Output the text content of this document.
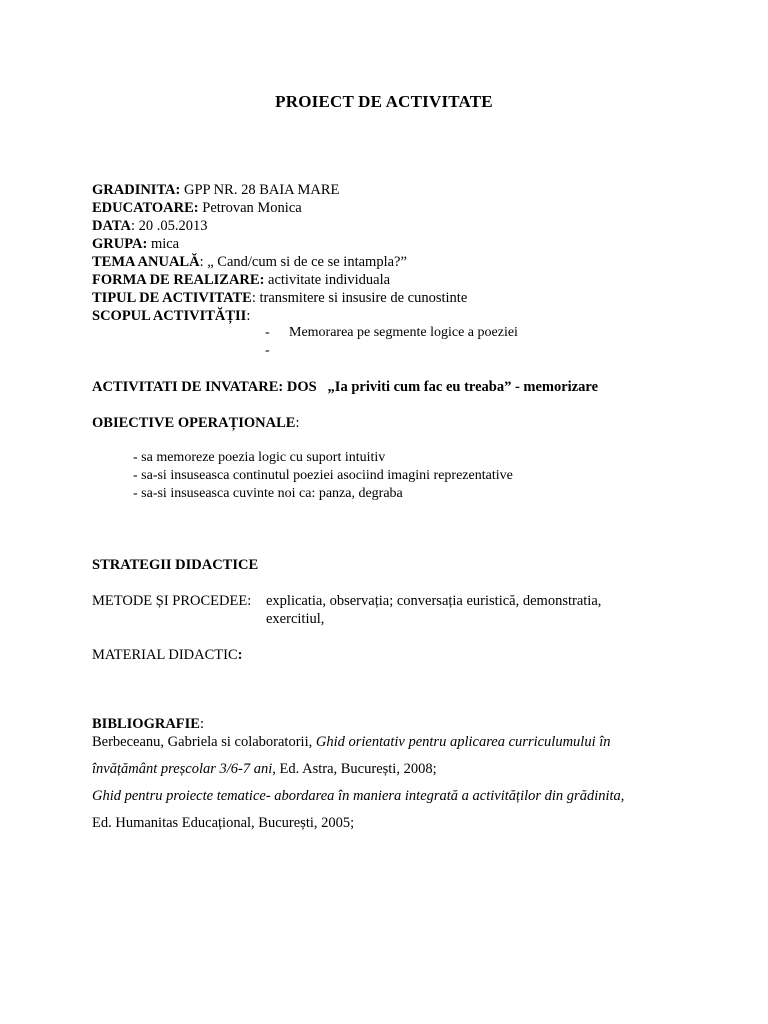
PROIECT DE ACTIVITATE
GRADINITA: GPP NR. 28 BAIA MARE
EDUCATOARE: Petrovan Monica
DATA: 20 .05.2013
GRUPA: mica
TEMA ANUALĂ: „ Cand/cum si de ce se intampla?”
FORMA DE REALIZARE: activitate individuala
TIPUL DE ACTIVITATE: transmitere si insusire de cunostinte
SCOPUL ACTIVITĂȚII:
- Memorarea pe segmente logice a poeziei
-
ACTIVITATI DE INVATARE: DOS „Ia priviti cum fac eu treaba” - memorizare
OBIECTIVE OPERAȚIONALE:
- sa memoreze poezia logic cu suport intuitiv
- sa-si insuseasca continutul poeziei asociind imagini reprezentative
- sa-si insuseasca cuvinte noi ca: panza, degraba
STRATEGII DIDACTICE
METODE ȘI PROCEDEE: explicatia, observația; conversația euristică, demonstratia,
exercitiul,
MATERIAL DIDACTIC:
BIBLIOGRAFIE:
Berbeceanu, Gabriela si colaboratorii, Ghid orientativ pentru aplicarea curriculumului în
învățământ preșcolar 3/6-7 ani, Ed. Astra, București, 2008;
Ghid pentru proiecte tematice- abordarea în maniera integrată a activităților din grădinita,
Ed. Humanitas Educațional, București, 2005;
